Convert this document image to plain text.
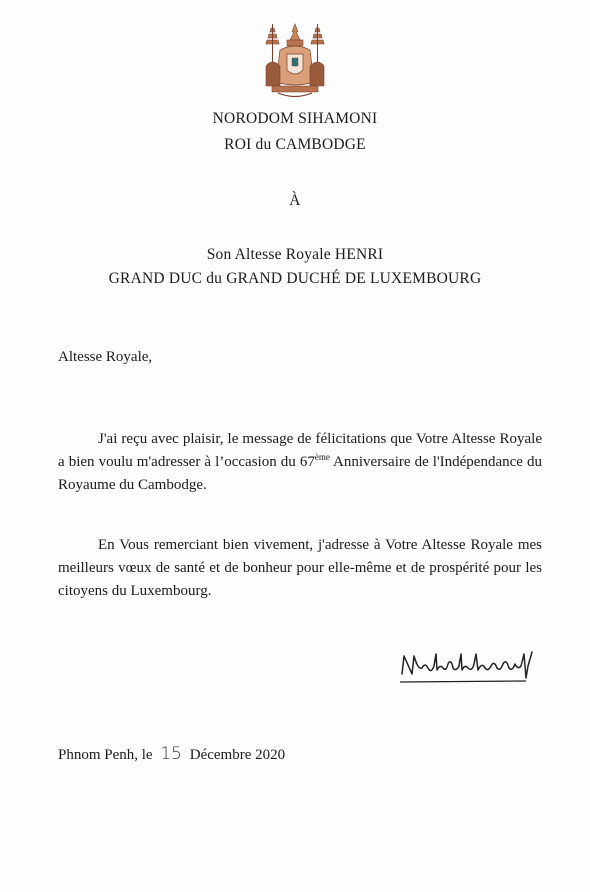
NORODOM SIHAMONI
ROI du CAMBODGE
À
Son Altesse Royale HENRI
GRAND DUC du GRAND DUCHÉ DE LUXEMBOURG
Altesse Royale,

J'ai reçu avec plaisir, le message de félicitations que Votre Altesse Royale a bien voulu m'adresser à l’occasion du 67ème Anniversaire de l'Indépendance du Royaume du Cambodge.

En Vous remerciant bien vivement, j'adresse à Votre Altesse Royale mes meilleurs vœux de santé et de bonheur pour elle-même et de prospérité pour les citoyens du Luxembourg.

Phnom Penh, le 15 Décembre 2020
